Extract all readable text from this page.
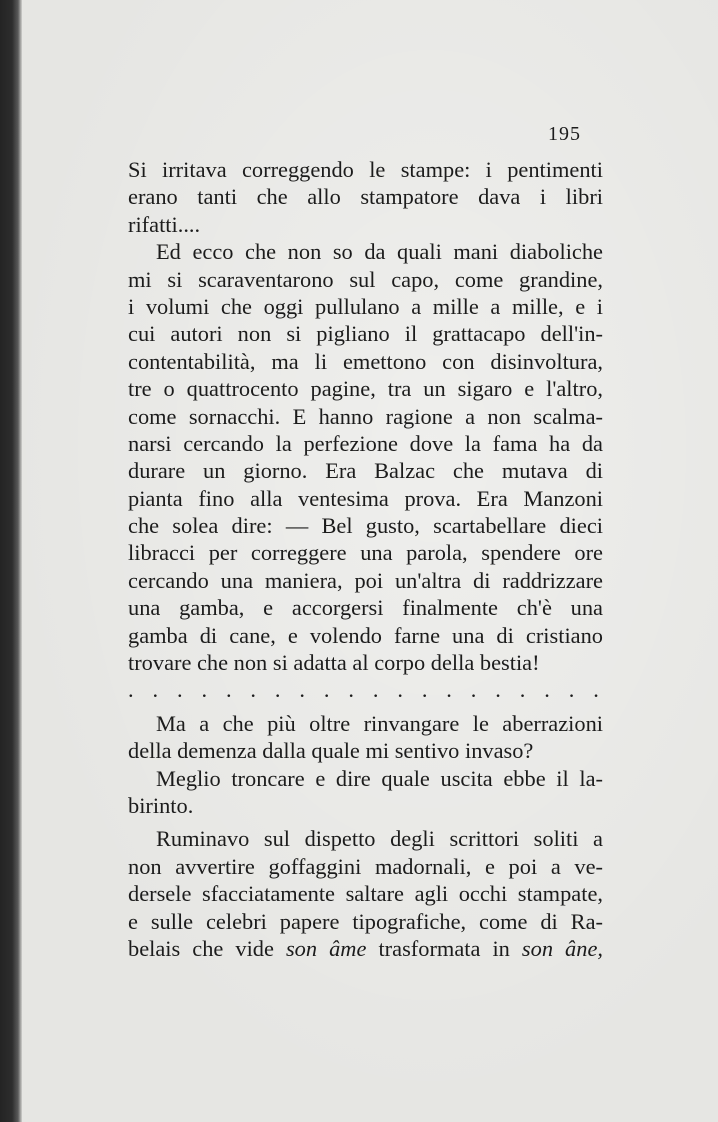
195
Si irritava correggendo le stampe: i pentimenti
erano tanti che allo stampatore dava i libri
rifatti....
Ed ecco che non so da quali mani diaboliche
mi si scaraventarono sul capo, come grandine,
i volumi che oggi pullulano a mille a mille, e i
cui autori non si pigliano il grattacapo dell'in-
contentabilità, ma li emettono con disinvoltura,
tre o quattrocento pagine, tra un sigaro e l'altro,
come sornacchi. E hanno ragione a non scalma-
narsi cercando la perfezione dove la fama ha da
durare un giorno. Era Balzac che mutava di
pianta fino alla ventesima prova. Era Manzoni
che solea dire: — Bel gusto, scartabellare dieci
libracci per correggere una parola, spendere ore
cercando una maniera, poi un'altra di raddrizzare
una gamba, e accorgersi finalmente ch'è una
gamba di cane, e volendo farne una di cristiano
trovare che non si adatta al corpo della bestia!
. . . . . . . . . . . . . . . . . . . .
Ma a che più oltre rinvangare le aberrazioni
della demenza dalla quale mi sentivo invaso?
Meglio troncare e dire quale uscita ebbe il la-
birinto.
Ruminavo sul dispetto degli scrittori soliti a
non avvertire goffaggini madornali, e poi a ve-
dersele sfacciatamente saltare agli occhi stampate,
e sulle celebri papere tipografiche, come di Ra-
belais che vide son âme trasformata in son âne,
